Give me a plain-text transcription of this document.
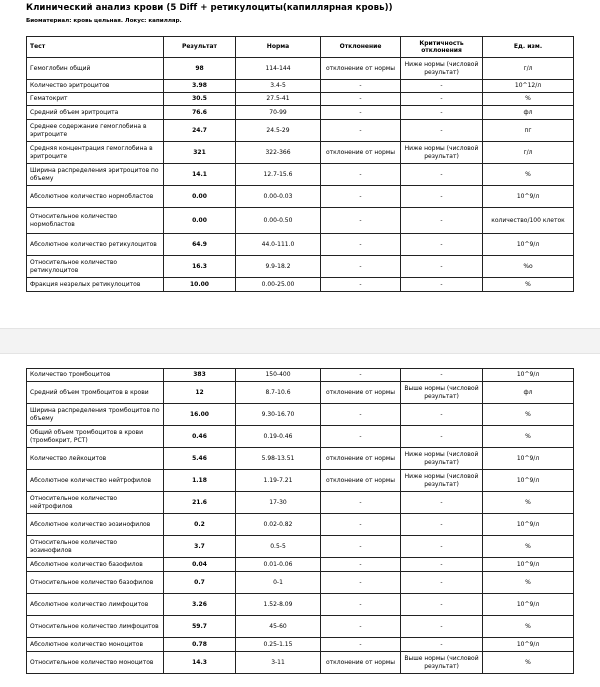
Клинический анализ крови (5 Diff + ретикулоциты(капиллярная кровь))
Биоматериал: кровь цельная. Локус: капилляр.
Тест	Результат	Норма	Отклонение	Критичность отклонения	Ед. изм.
Гемоглобин общий	98	114-144	отклонение от нормы	Ниже нормы (числовой результат)	г/л
Количество эритроцитов	3.98	3.4-5	-	-	10^12/л
Гематокрит	30.5	27.5-41	-	-	%
Средний объем эритроцита	76.6	70-99	-	-	фл
Среднее содержание гемоглобина в эритроците	24.7	24.5-29	-	-	пг
Средняя концентрация гемоглобина в эритроците	321	322-366	отклонение от нормы	Ниже нормы (числовой результат)	г/л
Ширина распределения эритроцитов по объему	14.1	12.7-15.6	-	-	%
Абсолютное количество нормобластов	0.00	0.00-0.03	-	-	10^9/л
Относительное количество нормобластов	0.00	0.00-0.50	-	-	количество/100 клеток
Абсолютное количество ретикулоцитов	64.9	44.0-111.0	-	-	10^9/л
Относительное количество ретикулоцитов	16.3	9.9-18.2	-	-	%o
Фракция незрелых ретикулоцитов	10.00	0.00-25.00	-	-	%
Количество тромбоцитов	383	150-400	-	-	10^9/л
Средний объем тромбоцитов в крови	12	8.7-10.6	отклонение от нормы	Выше нормы (числовой результат)	фл
Ширина распределения тромбоцитов по объему	16.00	9.30-16.70	-	-	%
Общий объем тромбоцитов в крови (тромбокрит, PCT)	0.46	0.19-0.46	-	-	%
Количество лейкоцитов	5.46	5.98-13.51	отклонение от нормы	Ниже нормы (числовой результат)	10^9/л
Абсолютное количество нейтрофилов	1.18	1.19-7.21	отклонение от нормы	Ниже нормы (числовой результат)	10^9/л
Относительное количество нейтрофилов	21.6	17-30	-	-	%
Абсолютное количество эозинофилов	0.2	0.02-0.82	-	-	10^9/л
Относительное количество эозинофилов	3.7	0.5-5	-	-	%
Абсолютное количество базофилов	0.04	0.01-0.06	-	-	10^9/л
Относительное количество базофилов	0.7	0-1	-	-	%
Абсолютное количество лимфоцитов	3.26	1.52-8.09	-	-	10^9/л
Относительное количество лимфоцитов	59.7	45-60	-	-	%
Абсолютное количество моноцитов	0.78	0.25-1.15	-	-	10^9/л
Относительное количество моноцитов	14.3	3-11	отклонение от нормы	Выше нормы (числовой результат)	%
